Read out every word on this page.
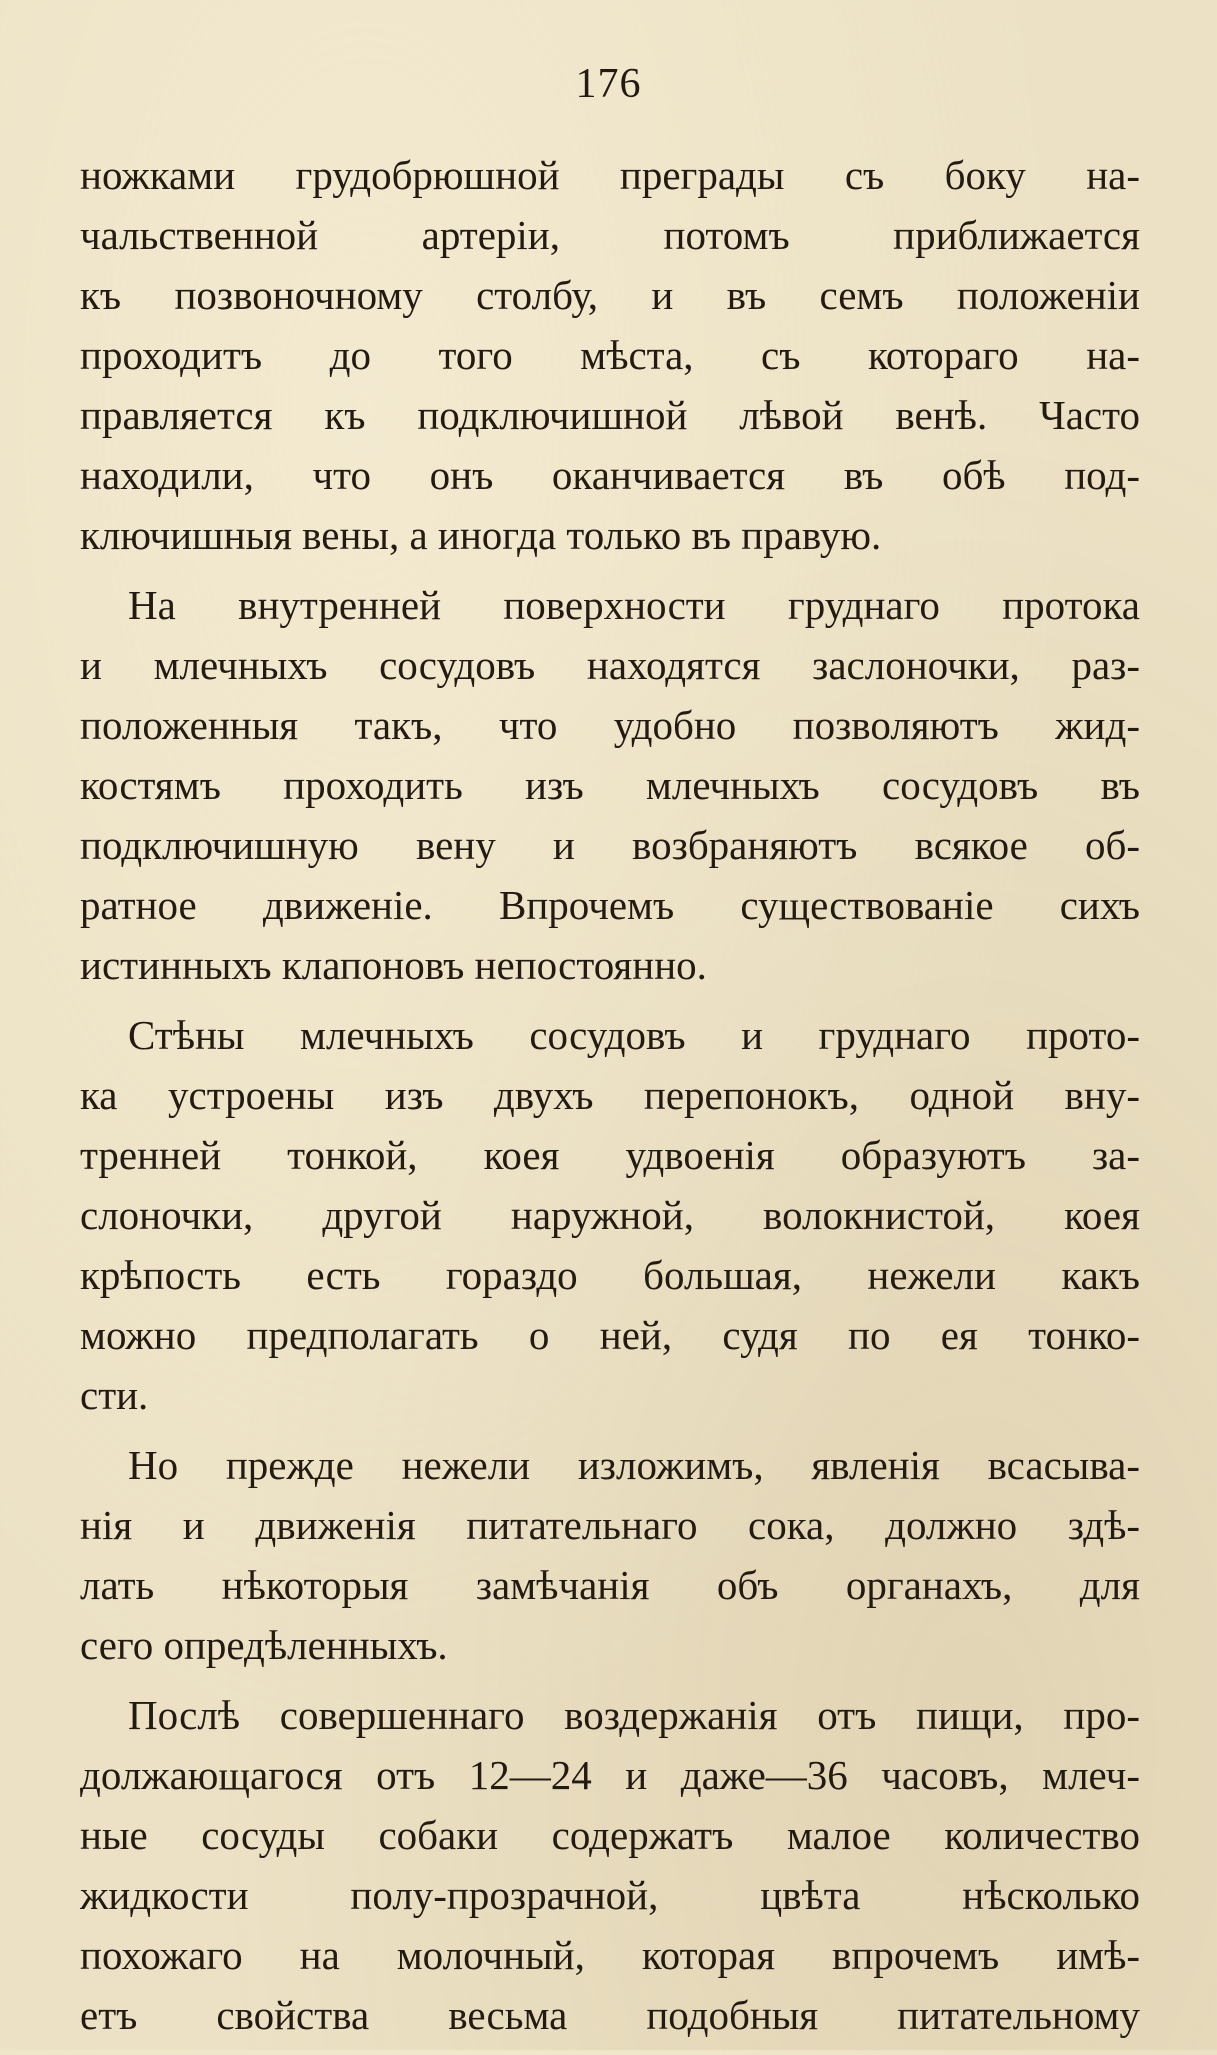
176
ножками грудобрюшной преграды съ боку на-
чальственной артеріи, потомъ приближается
къ позвоночному столбу, и въ семъ положеніи
проходитъ до того мѣста, съ котораго на-
правляется къ подключишной лѣвой венѣ. Часто
находили, что онъ оканчивается въ обѣ под-
ключишныя вены, а иногда только въ правую.
На внутренней поверхности груднаго протока
и млечныхъ сосудовъ находятся заслоночки, раз-
положенныя такъ, что удобно позволяютъ жид-
костямъ проходить изъ млечныхъ сосудовъ въ
подключишную вену и возбраняютъ всякое об-
ратное движеніе. Впрочемъ существованіе сихъ
истинныхъ клапоновъ непостоянно.
Стѣны млечныхъ сосудовъ и груднаго прото-
ка устроены изъ двухъ перепонокъ, одной вну-
тренней тонкой, коея удвоенія образуютъ за-
слоночки, другой наружной, волокнистой, коея
крѣпость есть гораздо большая, нежели какъ
можно предполагать о ней, судя по ея тонко-
сти.
Но прежде нежели изложимъ, явленія всасыва-
нія и движенія питательнаго сока, должно здѣ-
лать нѣкоторыя замѣчанія объ органахъ, для
сего опредѣленныхъ.
Послѣ совершеннаго воздержанія отъ пищи, про-
должающагося отъ 12—24 и даже—36 часовъ, млеч-
ные сосуды собаки содержатъ малое количество
жидкости полу-прозрачной, цвѣта нѣсколько
похожаго на молочный, которая впрочемъ имѣ-
етъ свойства весьма подобныя питательному
